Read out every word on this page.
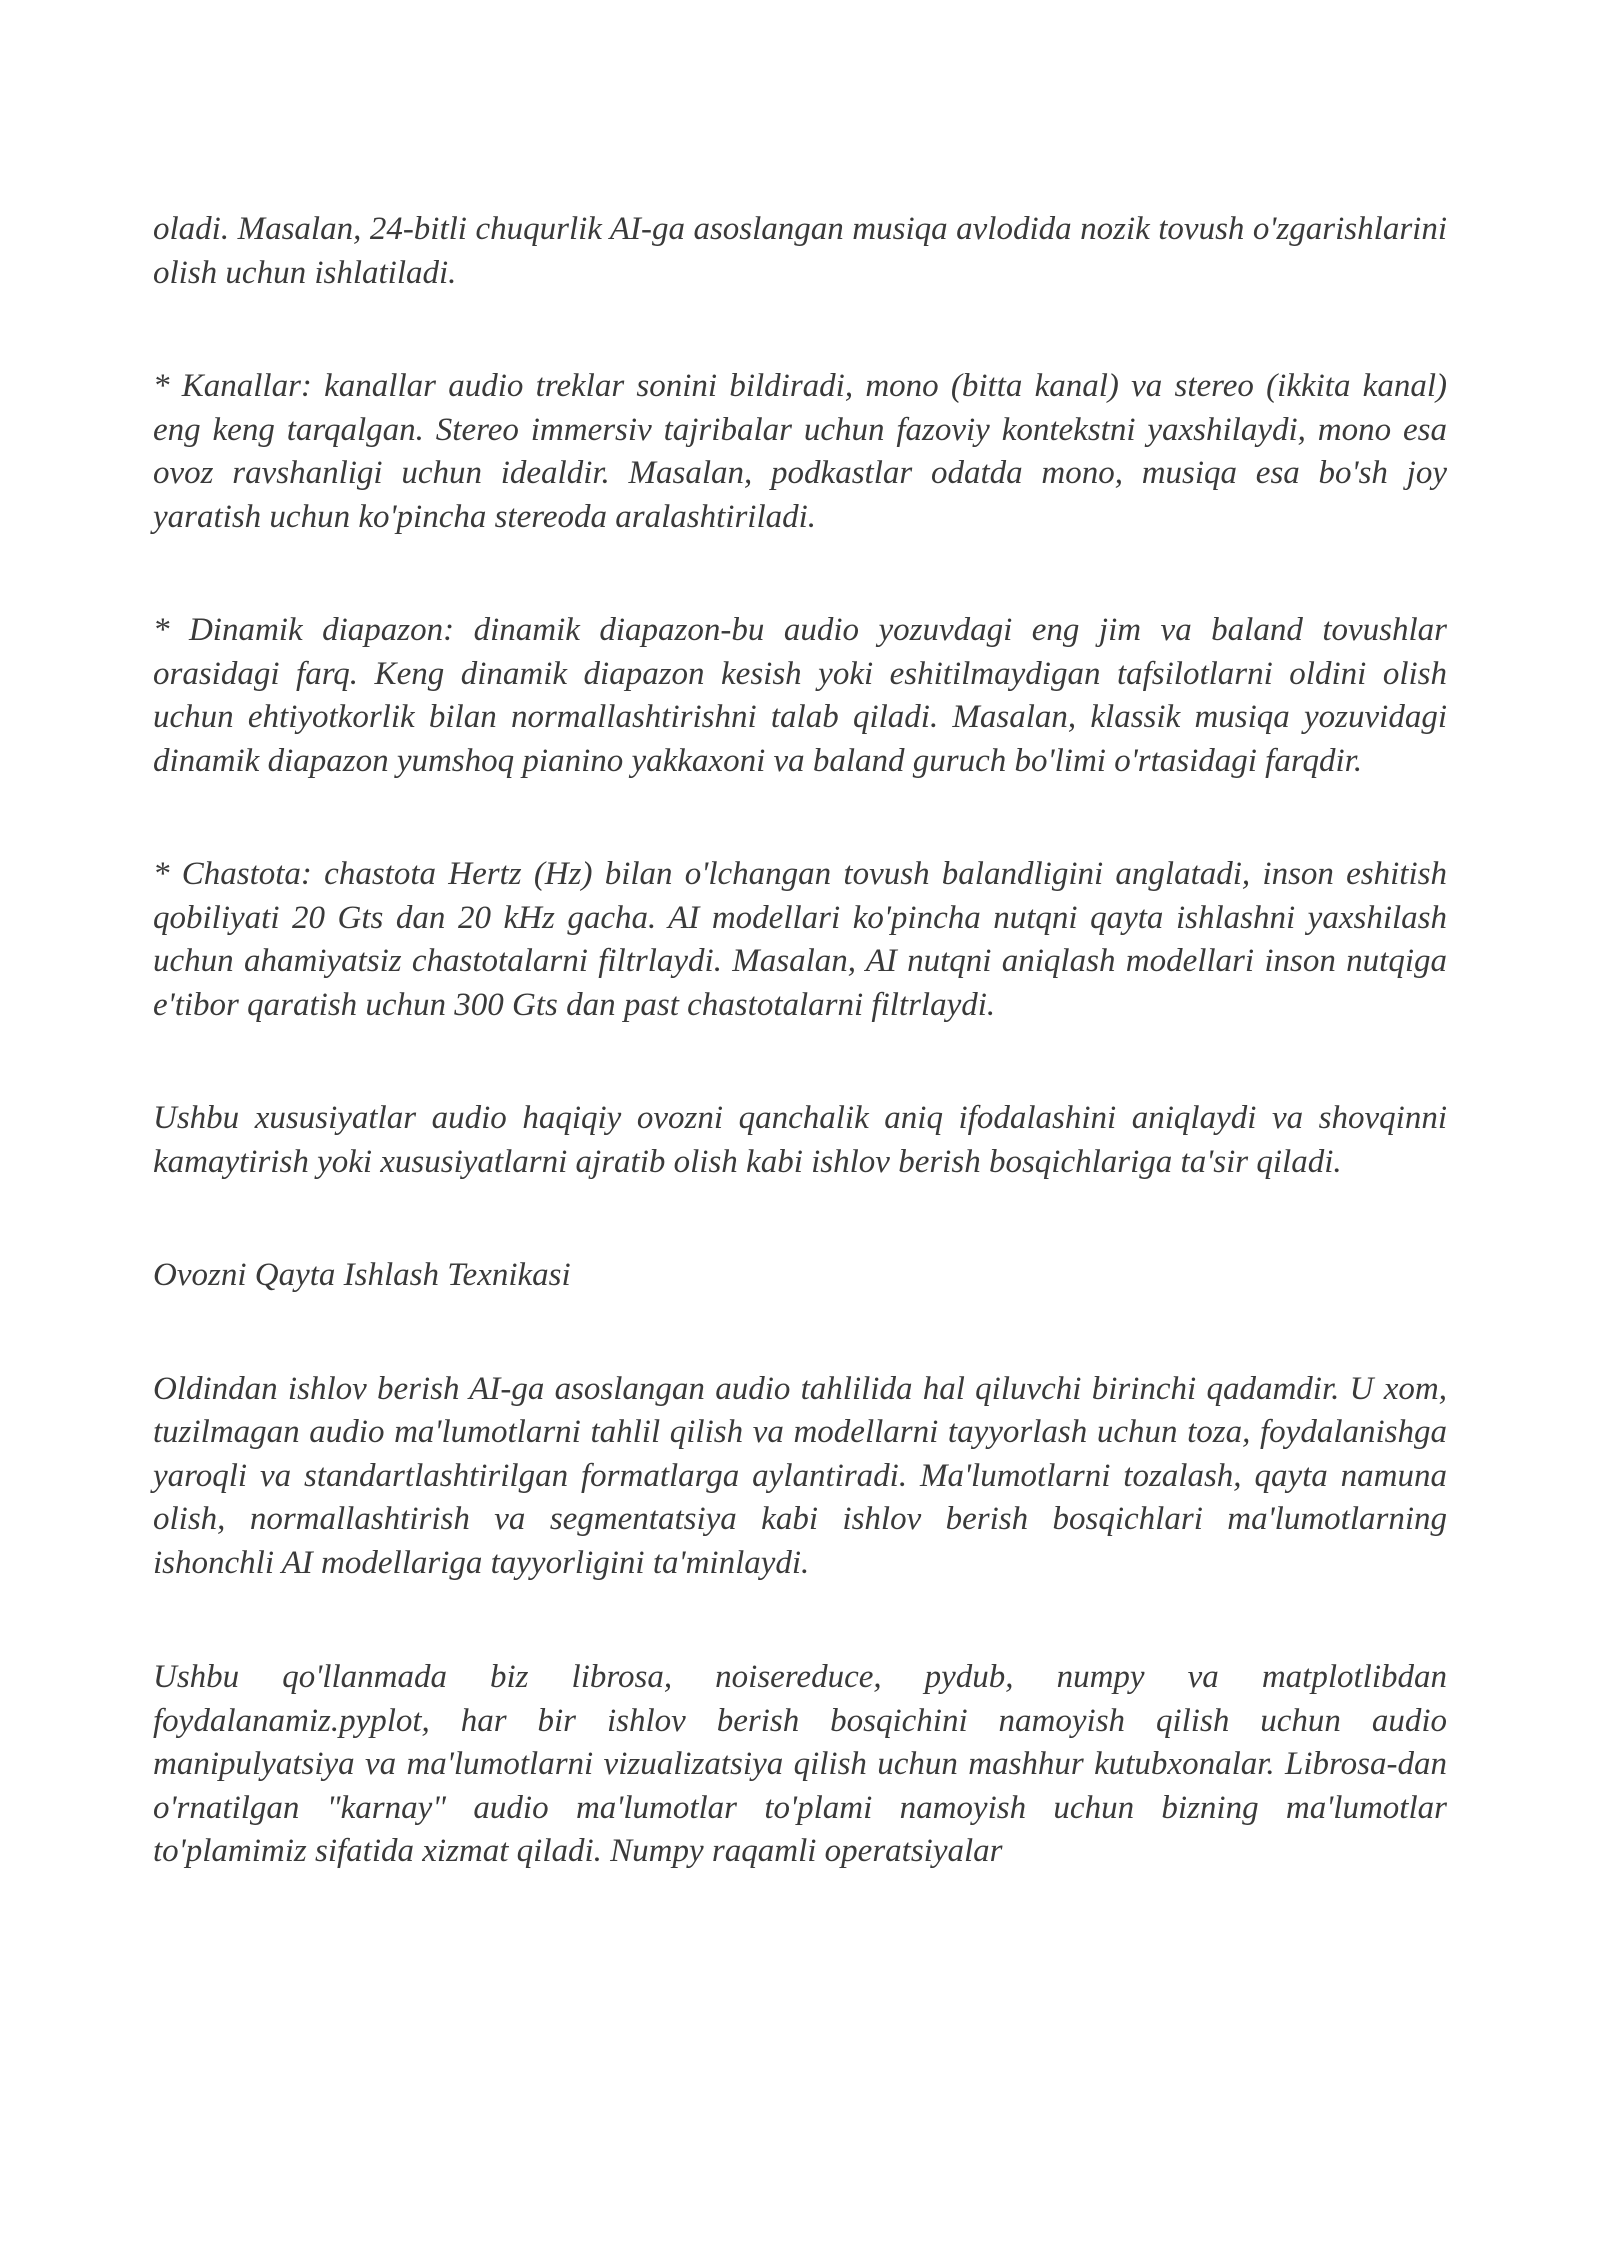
oladi. Masalan, 24-bitli chuqurlik AI-ga asoslangan musiqa avlodida nozik tovush o'zgarishlarini olish uchun ishlatiladi.

* Kanallar: kanallar audio treklar sonini bildiradi, mono (bitta kanal) va stereo (ikkita kanal) eng keng tarqalgan. Stereo immersiv tajribalar uchun fazoviy kontekstni yaxshilaydi, mono esa ovoz ravshanligi uchun idealdir. Masalan, podkastlar odatda mono, musiqa esa bo'sh joy yaratish uchun ko'pincha stereoda aralashtiriladi.

* Dinamik diapazon: dinamik diapazon-bu audio yozuvdagi eng jim va baland tovushlar orasidagi farq. Keng dinamik diapazon kesish yoki eshitilmaydigan tafsilotlarni oldini olish uchun ehtiyotkorlik bilan normallashtirishni talab qiladi. Masalan, klassik musiqa yozuvidagi dinamik diapazon yumshoq pianino yakkaxoni va baland guruch bo'limi o'rtasidagi farqdir.

* Chastota: chastota Hertz (Hz) bilan o'lchangan tovush balandligini anglatadi, inson eshitish qobiliyati 20 Gts dan 20 kHz gacha. AI modellari ko'pincha nutqni qayta ishlashni yaxshilash uchun ahamiyatsiz chastotalarni filtrlaydi. Masalan, AI nutqni aniqlash modellari inson nutqiga e'tibor qaratish uchun 300 Gts dan past chastotalarni filtrlaydi.

Ushbu xususiyatlar audio haqiqiy ovozni qanchalik aniq ifodalashini aniqlaydi va shovqinni kamaytirish yoki xususiyatlarni ajratib olish kabi ishlov berish bosqichlariga ta'sir qiladi.

Ovozni Qayta Ishlash Texnikasi

Oldindan ishlov berish AI-ga asoslangan audio tahlilida hal qiluvchi birinchi qadamdir. U xom, tuzilmagan audio ma'lumotlarni tahlil qilish va modellarni tayyorlash uchun toza, foydalanishga yaroqli va standartlashtirilgan formatlarga aylantiradi. Ma'lumotlarni tozalash, qayta namuna olish, normallashtirish va segmentatsiya kabi ishlov berish bosqichlari ma'lumotlarning ishonchli AI modellariga tayyorligini ta'minlaydi.

Ushbu qo'llanmada biz librosa, noisereduce, pydub, numpy va matplotlibdan foydalanamiz.pyplot, har bir ishlov berish bosqichini namoyish qilish uchun audio manipulyatsiya va ma'lumotlarni vizualizatsiya qilish uchun mashhur kutubxonalar. Librosa-dan o'rnatilgan "karnay" audio ma'lumotlar to'plami namoyish uchun bizning ma'lumotlar to'plamimiz sifatida xizmat qiladi. Numpy raqamli operatsiyalar
